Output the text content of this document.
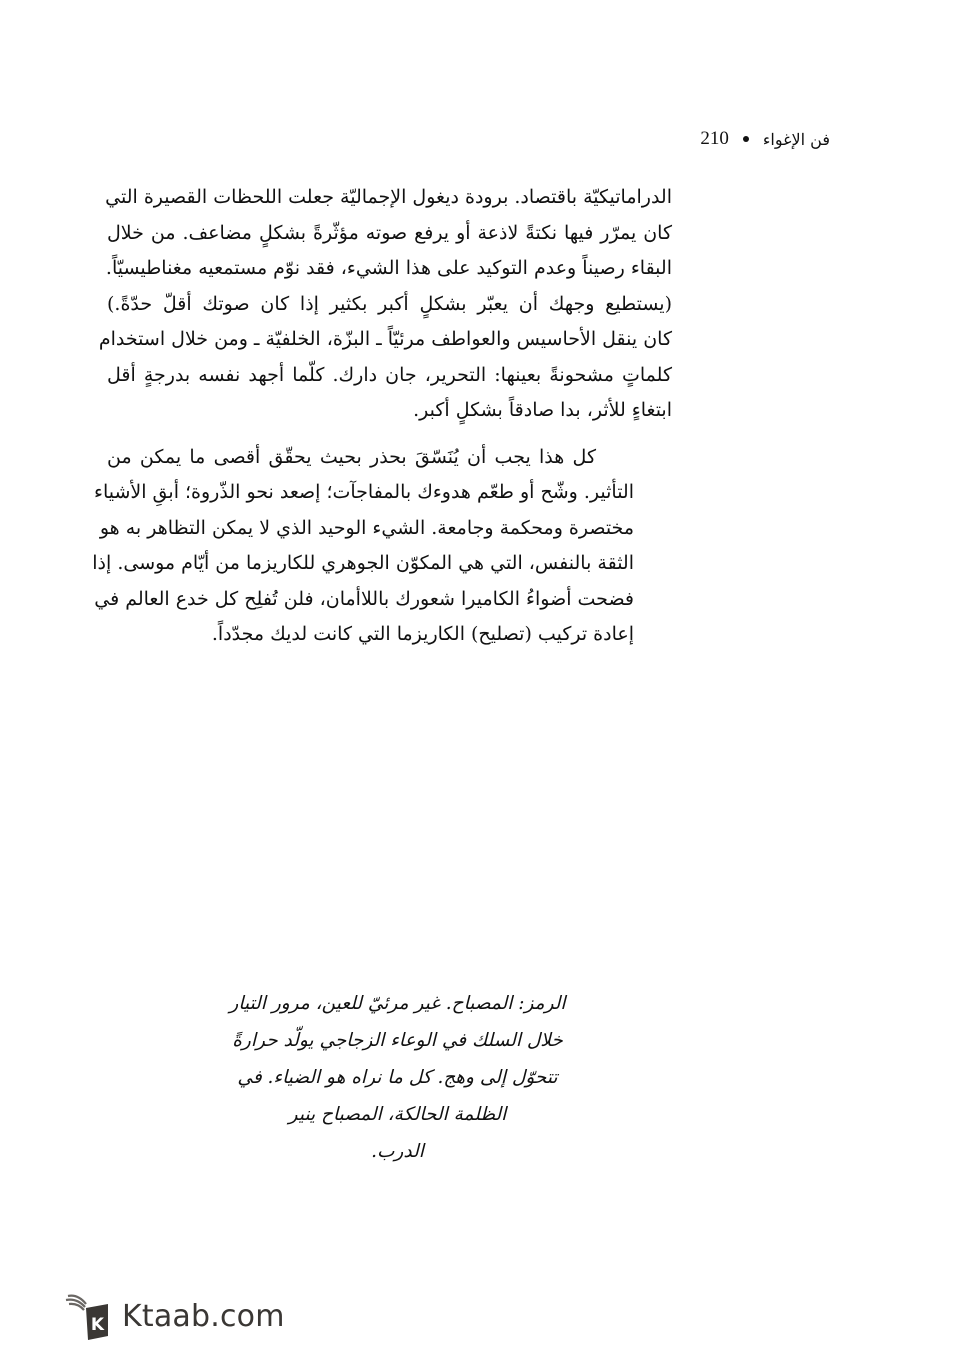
210 فن الإغواء

الدراماتيكيّة باقتصاد. برودة ديغول الإجماليّة جعلت اللحظات القصيرة التي
كان يمرّر فيها نكتةً لاذعة أو يرفع صوته مؤثّرةً بشكلٍ مضاعف. من خلال
البقاء رصيناً وعدم التوكيد على هذا الشيء، فقد نوّم مستمعيه مغناطيسيّاً.
(يستطيع وجهك أن يعبّر بشكلٍ أكبر بكثير إذا كان صوتك أقلّ حدّةً.)
كان ينقل الأحاسيس والعواطف مرئيّاً ـ البزّة، الخلفيّة ـ ومن خلال استخدام
كلماتٍ مشحونةً بعينها: التحرير، جان دارك. كلّما أجهد نفسه بدرجةٍ أقل
ابتغاءٍ للأثر، بدا صادقاً بشكلٍ أكبر.

كل هذا يجب أن يُنَسّقَ بحذر بحيث يحقّق أقصى ما يمكن من
التأثير. وشّح أو طعّم هدوءك بالمفاجآت؛ إصعد نحو الذّروة؛ أبقِ الأشياء
مختصرة ومحكمة وجامعة. الشيء الوحيد الذي لا يمكن التظاهر به هو
الثقة بالنفس، التي هي المكوّن الجوهري للكاريزما من أيّام موسى. إذا
فضحت أضواءُ الكاميرا شعورك باللاأمان، فلن تُفلِح كل خدع العالم في
إعادة تركيب (تصليح) الكاريزما التي كانت لديك مجدّداً.

الرمز: المصباح. غير مرئيّ للعين، مرور التيار
خلال السلك في الوعاء الزجاجي يولّد حرارةً
تتحوّل إلى وهج. كل ما نراه هو الضياء. في
الظلمة الحالكة، المصباح ينير
الدرب.
K Ktaab.com
